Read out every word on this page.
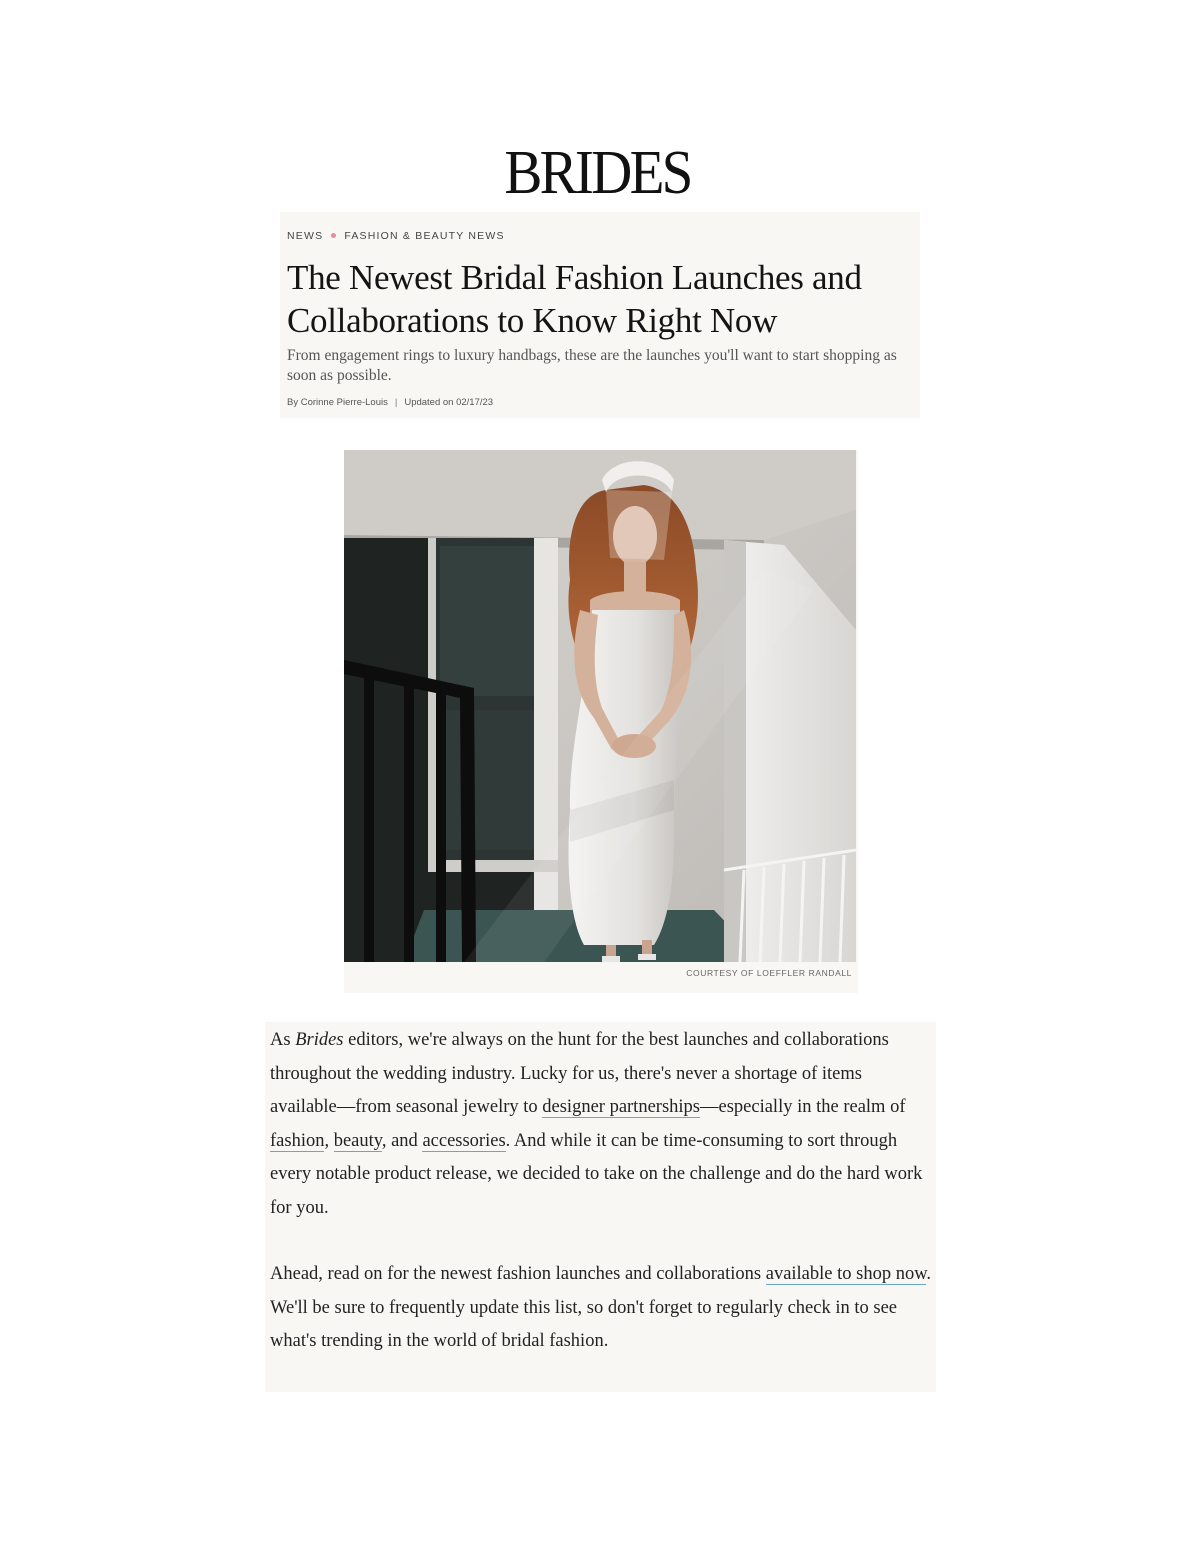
BRIDES
NEWS FASHION & BEAUTY NEWS
The Newest Bridal Fashion Launches and Collaborations to Know Right Now
From engagement rings to luxury handbags, these are the launches you'll want to start shopping as soon as possible.
By Corinne Pierre-Louis | Updated on 02/17/23
COURTESY OF LOEFFLER RANDALL
As Brides editors, we're always on the hunt for the best launches and collaborations throughout the wedding industry. Lucky for us, there's never a shortage of items available—from seasonal jewelry to designer partnerships—especially in the realm of fashion, beauty, and accessories. And while it can be time-consuming to sort through every notable product release, we decided to take on the challenge and do the hard work for you.
Ahead, read on for the newest fashion launches and collaborations available to shop now. We'll be sure to frequently update this list, so don't forget to regularly check in to see what's trending in the world of bridal fashion.
